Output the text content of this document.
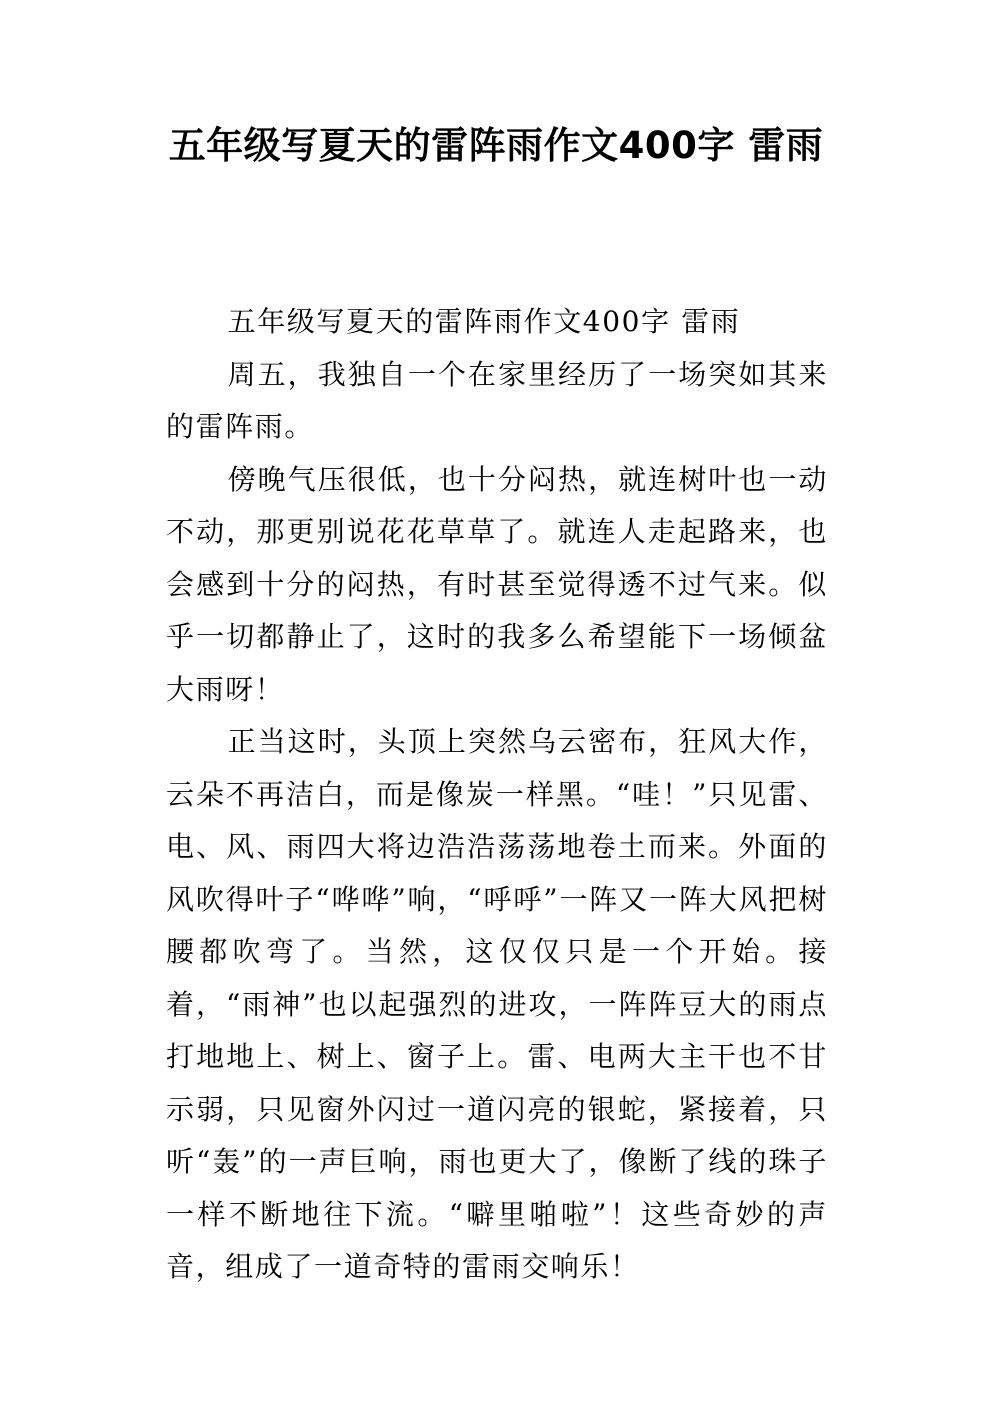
五年级写夏天的雷阵雨作文400字 雷雨

五年级写夏天的雷阵雨作文400字 雷雨

周五，我独自一个在家里经历了一场突如其来的雷阵雨。

傍晚气压很低，也十分闷热，就连树叶也一动不动，那更别说花花草草了。就连人走起路来，也会感到十分的闷热，有时甚至觉得透不过气来。似乎一切都静止了，这时的我多么希望能下一场倾盆大雨呀！

正当这时，头顶上突然乌云密布，狂风大作，云朵不再洁白，而是像炭一样黑。“哇！”只见雷、电、风、雨四大将边浩浩荡荡地卷土而来。外面的风吹得叶子“哗哗”响，“呼呼”一阵又一阵大风把树腰都吹弯了。当然，这仅仅只是一个开始。接着，“雨神”也以起强烈的进攻，一阵阵豆大的雨点打地地上、树上、窗子上。雷、电两大主干也不甘示弱，只见窗外闪过一道闪亮的银蛇，紧接着，只听“轰”的一声巨响，雨也更大了，像断了线的珠子一样不断地往下流。“噼里啪啦”！这些奇妙的声音，组成了一道奇特的雷雨交响乐！
